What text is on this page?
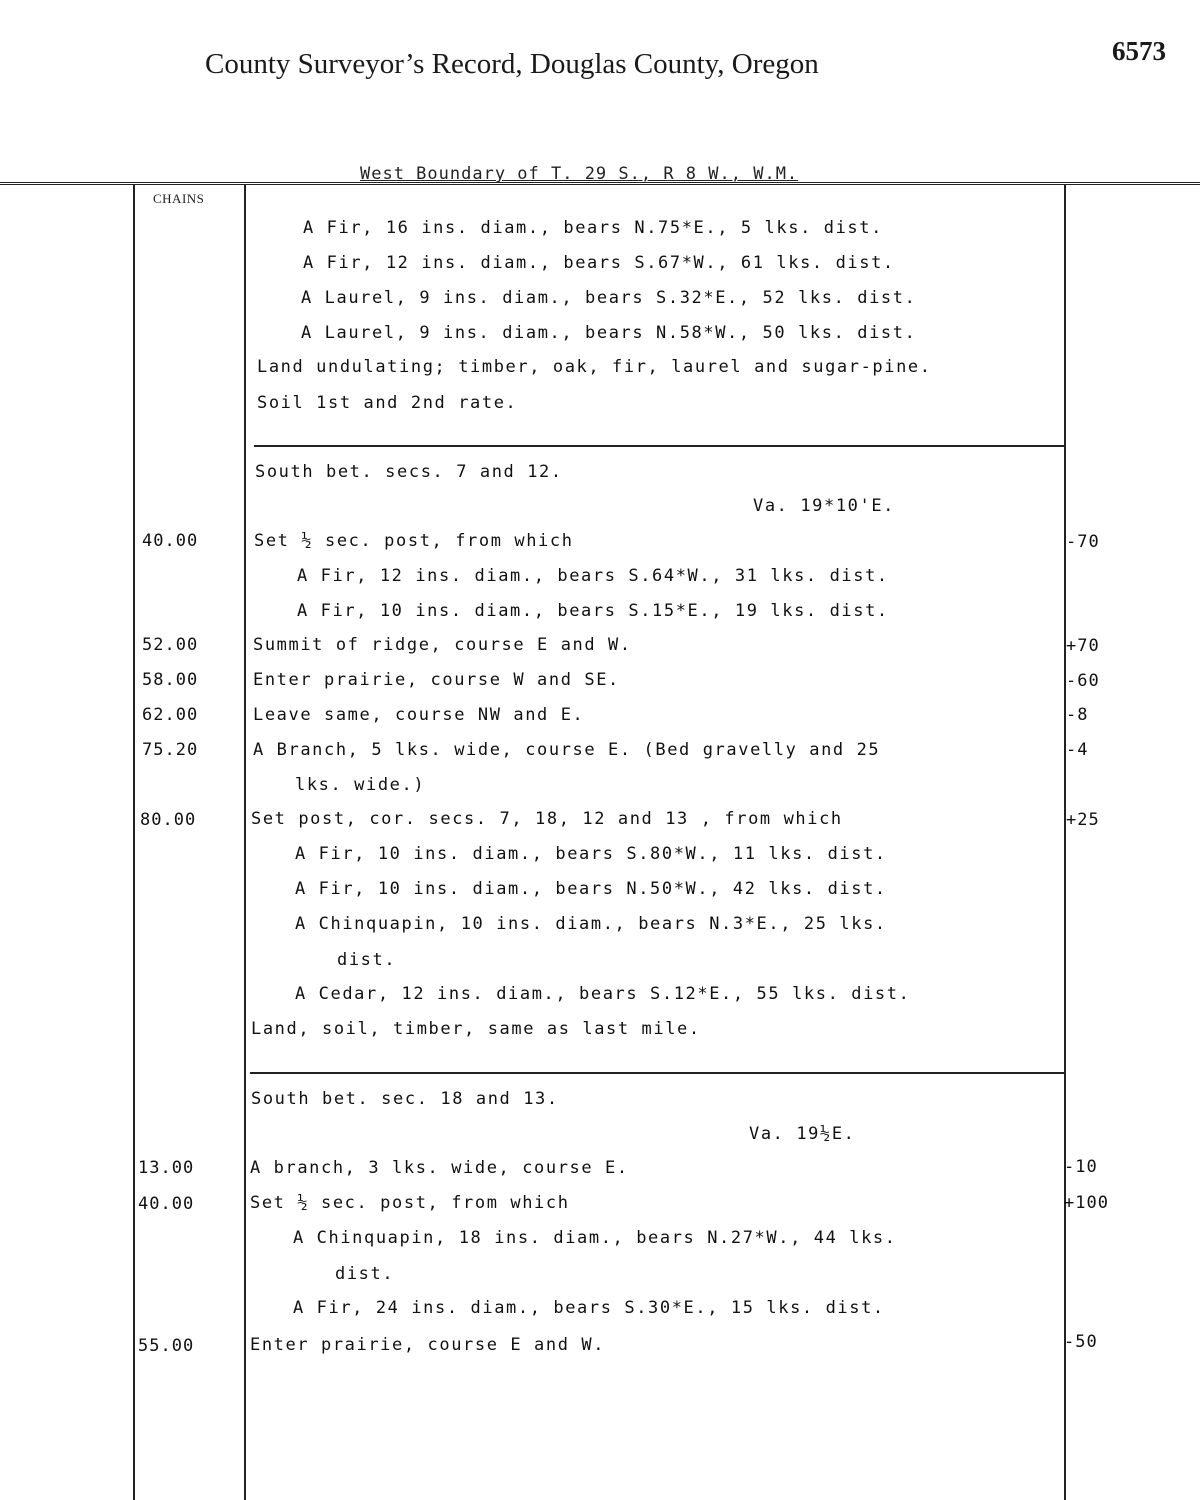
County Surveyor’s Record, Douglas County, Oregon	6573
West Boundary of T. 29 S., R 8 W., W.M.
CHAINS
A Fir, 16 ins. diam., bears N.75*E., 5 lks. dist.
A Fir, 12 ins. diam., bears S.67*W., 61 lks. dist.
A Laurel, 9 ins. diam., bears S.32*E., 52 lks. dist.
A Laurel, 9 ins. diam., bears N.58*W., 50 lks. dist.
Land undulating; timber, oak, fir, laurel and sugar-pine.
Soil 1st and 2nd rate.
South bet. secs. 7 and 12.
Va. 19*10'E.
Set ½ sec. post, from which
A Fir, 12 ins. diam., bears S.64*W., 31 lks. dist.
A Fir, 10 ins. diam., bears S.15*E., 19 lks. dist.
Summit of ridge, course E and W.
Enter prairie, course W and SE.
Leave same, course NW and E.
A Branch, 5 lks. wide, course E. (Bed gravelly and 25
lks. wide.)
Set post, cor. secs. 7, 18, 12 and 13 , from which
A Fir, 10 ins. diam., bears S.80*W., 11 lks. dist.
A Fir, 10 ins. diam., bears N.50*W., 42 lks. dist.
A Chinquapin, 10 ins. diam., bears N.3*E., 25 lks.
dist.
A Cedar, 12 ins. diam., bears S.12*E., 55 lks. dist.
Land, soil, timber, same as last mile.
South bet. sec. 18 and 13.
Va. 19½E.
A branch, 3 lks. wide, course E.
Set ½ sec. post, from which
A Chinquapin, 18 ins. diam., bears N.27*W., 44 lks.
dist.
A Fir, 24 ins. diam., bears S.30*E., 15 lks. dist.
Enter prairie, course E and W.
40.00
52.00
58.00
62.00
75.20
80.00
13.00
40.00
55.00
-70
+70
-60
-8
-4
+25
-10
+100
-50
